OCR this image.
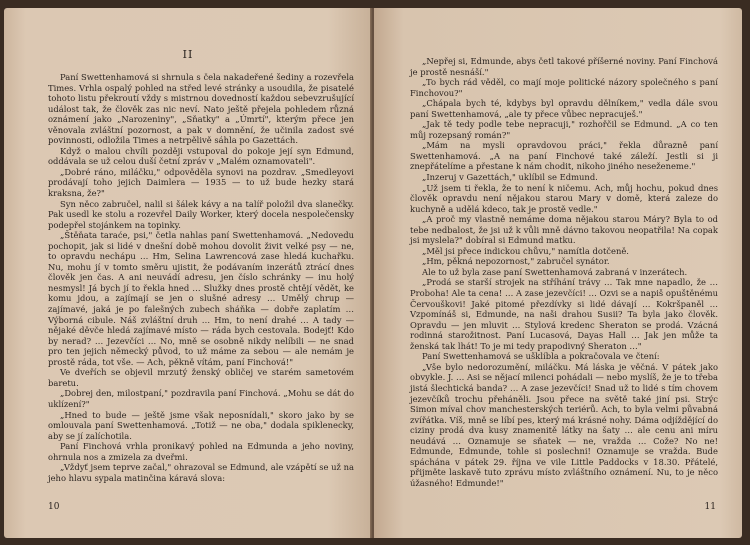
II

Paní Swettenhamová si shrnula s čela nakadeřené šediny a rozevřela Times. Vrhla ospalý pohled na střed levé stránky a usoudila, že pisatelé tohoto listu překroutí vždy s mistrnou dovedností každou sebevzrušující událost tak, že člověk zas nic neví. Nato ještě přejela pohledem různá oznámení jako „Narozeniny", „Sňatky" a „Úmrtí", kterým přece jen věnovala zvláštní pozornost, a pak v domnění, že učinila zadost své povinnosti, odložila Times a netrpělivě sáhla po Gazettách.

Když o malou chvíli později vstupoval do pokoje její syn Edmund, oddávala se už celou duší četní zpráv v „Malém oznamovateli".

„Dobré ráno, miláčku," odpověděla synovi na pozdrav. „Smedleyovi prodávají toho jejich Daimlera — 1935 — to už bude hezky stará kraksna, že?"

Syn něco zabručel, nalil si šálek kávy a na talíř položil dva slanečky. Pak usedl ke stolu a rozevřel Daily Worker, který docela nespolečensky podepřel stojánkem na topinky.

„Štěňata taraće, psi," četla nahlas paní Swettenhamová. „Nedovedu pochopit, jak si lidé v dnešní době mohou dovolit živit velké psy — ne, to opravdu nechápu … Hm, Selina Lawrencová zase hledá kuchařku. Nu, mohu jí v tomto směru ujistit, že podávaním inzerátů ztrácí dnes člověk jen čas. A ani neuvádí adresu, jen číslo schránky — inu holý nesmysl! Já bych jí to řekla hned … Služky dnes prostě chtějí vědět, ke komu jdou, a zajímají se jen o slušné adresy … Umělý chrup — zajímavé, jaká je po falešných zubech sháňka — dobře zaplatím … Výborná cibule. Náš zvláštní druh … Hm, to není drahé … A tady — nějaké děvče hledá zajímavé místo — ráda bych cestovala. Bodejť! Kdo by nerad? … Jezevčíci … No, mně se osobně nikdy nelíbili — ne snad pro ten jejich německý původ, to už máme za sebou — ale nemám je prostě ráda, tot vše. — Ach, pěkně vítám, paní Finchová!"

Ve dveřích se objevil mrzutý ženský obličej ve starém sametovém baretu.

„Dobrej den, milostpaní," pozdravila paní Finchová. „Mohu se dát do uklízení?"

„Hned to bude — ještě jsme však neposnídali," skoro jako by se omlouvala paní Swettenhamová. „Totiž — ne oba," dodala spiklenecky, aby se jí zalíchotila.

Paní Finchová vrhla pronikavý pohled na Edmunda a jeho noviny, ohrnula nos a zmizela za dveřmi.

„Vždyť jsem teprve začal," ohrazoval se Edmund, ale vzápětí se už na jeho hlavu sypala matinčina káravá slova:

10

„Nepřej si, Edmunde, abys četl takové příšerné noviny. Paní Finchová je prostě nesnáší."

„To bych rád věděl, co mají moje politické názory společného s paní Finchovou?"

„Chápala bych té, kdybys byl opravdu dělníkem," vedla dále svou paní Swettenhamová, „ale ty přece vůbec nepracuješ."

„Jak tě tedy podle tebe nepracuji," rozhořčil se Edmund. „A co ten můj rozepsaný román?"

„Mám na mysli opravdovou práci," řekla důrazně paní Swettenhamová. „A na paní Finchové také záleží. Jestli si ji znepřátelíme a přestane k nám chodit, nikoho jiného neseženeme."

„Inzeruj v Gazettách," uklíbil se Edmund.

„Už jsem ti řekla, že to není k ničemu. Ach, můj hochu, pokud dnes člověk opravdu není nějakou starou Mary v domě, která zaleze do kuchyně a udělá kdeco, tak je prostě vedle."

„A proč my vlastně nemáme doma nějakou starou Máry? Byla to od tebe nedbalost, že jsi už k vůli mně dávno takovou neopatřila! Na copak jsi myslela?" dobíral si Edmund matku.

„Měl jsi přece indickou chůvu," namítla dotčeně.

„Hm, pěkná nepozornost," zabručel synátor.

Ale to už byla zase paní Swettenhamová zabraná v inzerátech.

„Prodá se starší strojek na stříhání trávy … Tak mne napadlo, že … Proboha! Ale ta cena! … A zase jezevčíci! … Ozvi se a napiš opuštěnému Červouškovi! Jaké pitomé přezdívky si lidé dávají … Kokršpaněl … Vzpomínáš si, Edmunde, na naši drahou Susii? Ta byla jako člověk. Opravdu — jen mluvit … Stylová kredenc Sheraton se prodá. Vzácná rodinná starožitnost. Paní Lucasová, Dayas Hall … Jak jen může ta ženská tak lhát! To je mi tedy prapodivný Sheraton …"

Paní Swettenhamová se ušklíbla a pokračovala ve čtení:

„Vše bylo nedorozumění, miláčku. Má láska je věčná. V pátek jako obvykle. J. … Asi se nějací milenci pohádali — nebo myslíš, že je to třeba jistá šlechtická banda? … A zase jezevčíci! Snad už to lidé s tím chovem jezevčíků trochu přeháněli. Jsou přece na světě také jiní psi. Strýc Simon míval chov manchesterských teriérů. Ach, to byla velmi půvabná zvířátka. Víš, mně se líbí pes, který má krásné nohy. Dáma odjíždějící do ciziny prodá dva kusy znamenitě látky na šaty … ale cenu ani míru neudává … Oznamuje se sňatek — ne, vražda … Cože? No ne! Edmunde, Edmunde, tohle si poslechni! Oznamuje se vražda. Bude spáchána v pátek 29. října ve vile Little Paddocks v 18.30. Přátelé, přijměte laskavě tuto zprávu místo zvláštního oznámení. Nu, to je něco úžasného! Edmunde!"

11
